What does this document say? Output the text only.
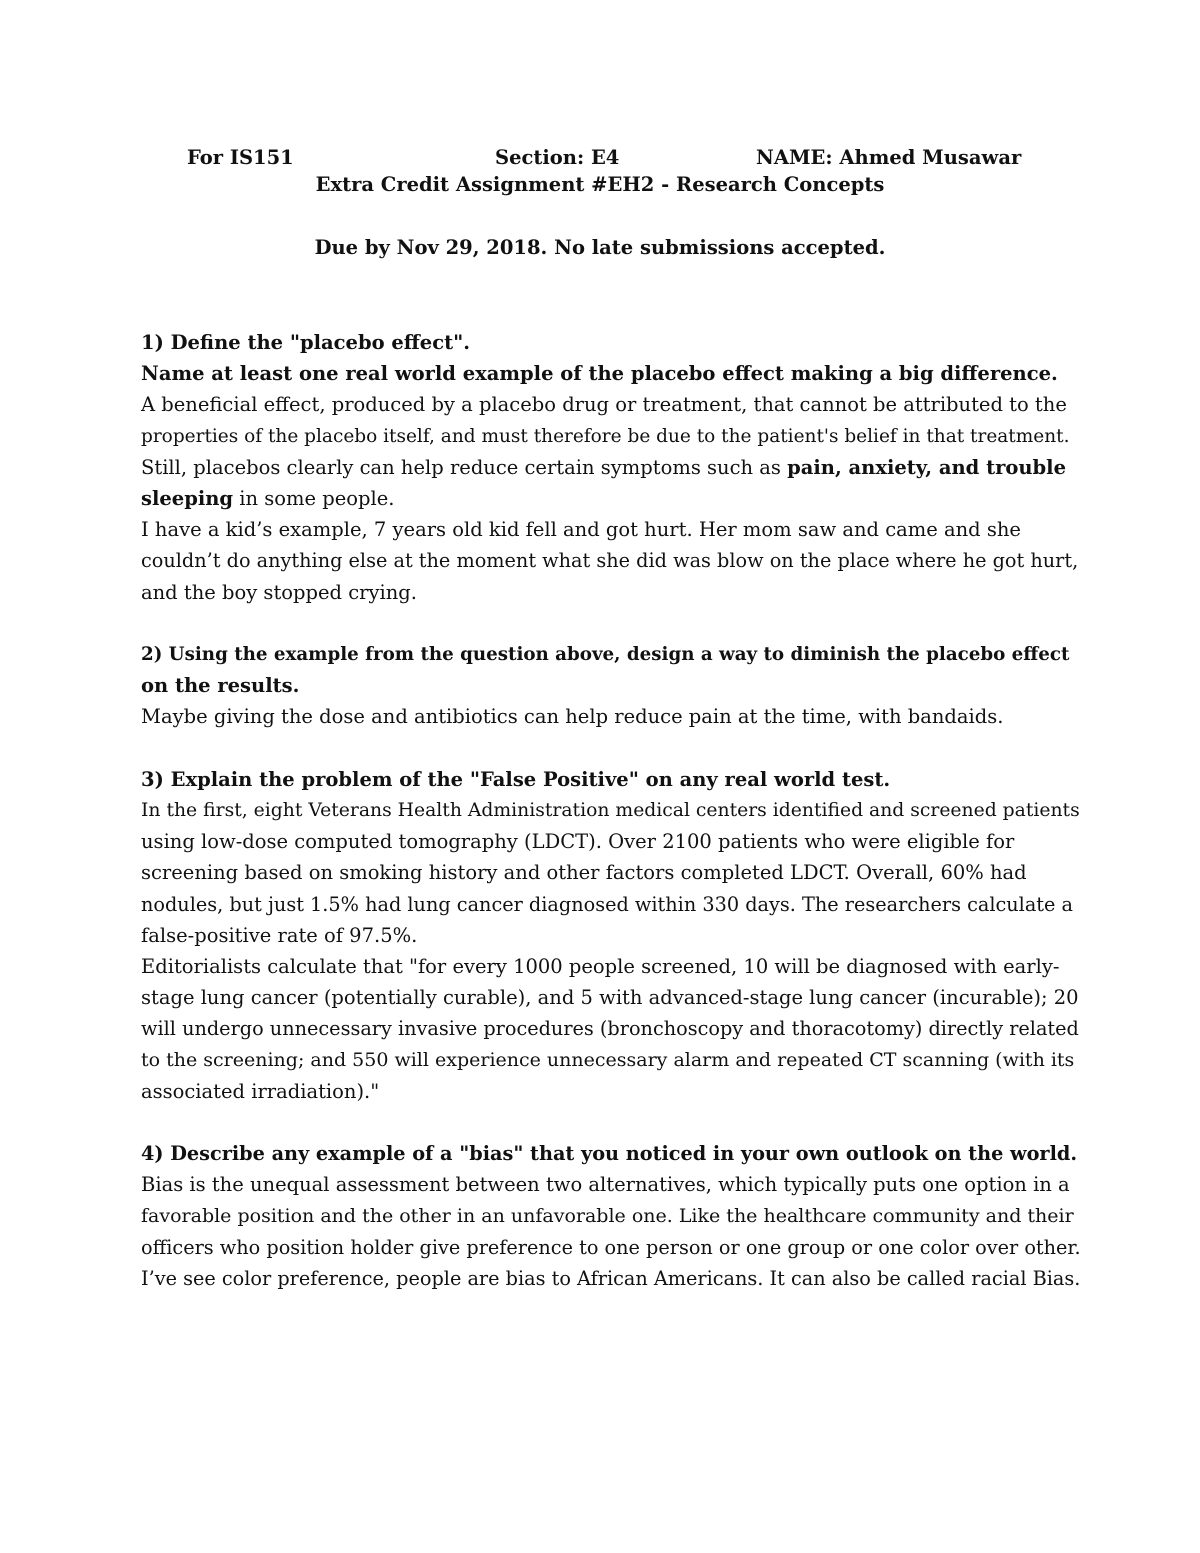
For IS151	Section: E4	NAME: Ahmed Musawar
Extra Credit Assignment #EH2 - Research Concepts
Due by Nov 29, 2018. No late submissions accepted.
1) Define the "placebo effect".
Name at least one real world example of the placebo effect making a big difference.
A beneficial effect, produced by a placebo drug or treatment, that cannot be attributed to the
properties of the placebo itself, and must therefore be due to the patient's belief in that treatment.
Still, placebos clearly can help reduce certain symptoms such as pain, anxiety, and trouble
sleeping in some people.
I have a kid’s example, 7 years old kid fell and got hurt. Her mom saw and came and she
couldn’t do anything else at the moment what she did was blow on the place where he got hurt,
and the boy stopped crying.
2) Using the example from the question above, design a way to diminish the placebo effect
on the results.
Maybe giving the dose and antibiotics can help reduce pain at the time, with bandaids.
3) Explain the problem of the "False Positive" on any real world test.
In the first, eight Veterans Health Administration medical centers identified and screened patients
using low-dose computed tomography (LDCT). Over 2100 patients who were eligible for
screening based on smoking history and other factors completed LDCT. Overall, 60% had
nodules, but just 1.5% had lung cancer diagnosed within 330 days. The researchers calculate a
false-positive rate of 97.5%.
Editorialists calculate that "for every 1000 people screened, 10 will be diagnosed with early-
stage lung cancer (potentially curable), and 5 with advanced-stage lung cancer (incurable); 20
will undergo unnecessary invasive procedures (bronchoscopy and thoracotomy) directly related
to the screening; and 550 will experience unnecessary alarm and repeated CT scanning (with its
associated irradiation)."
4) Describe any example of a "bias" that you noticed in your own outlook on the world.
Bias is the unequal assessment between two alternatives, which typically puts one option in a
favorable position and the other in an unfavorable one. Like the healthcare community and their
officers who position holder give preference to one person or one group or one color over other.
I’ve see color preference, people are bias to African Americans. It can also be called racial Bias.
